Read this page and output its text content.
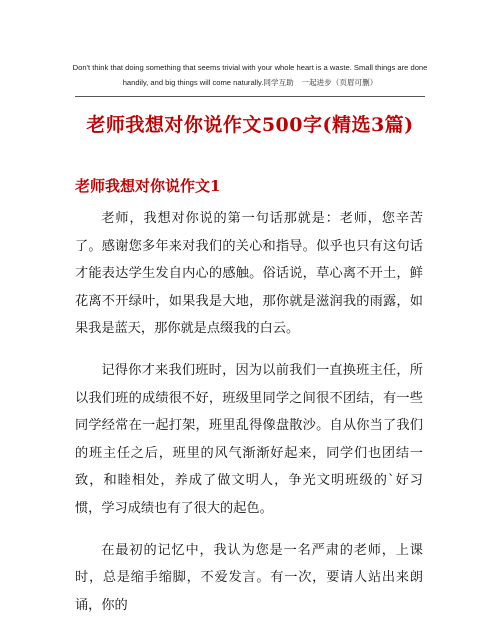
Don't think that doing something that seems trivial with your whole heart is a waste. Small things are done handily, and big things will come naturally.同学互助　一起进步（页眉可删）
老师我想对你说作文500字(精选3篇)
老师我想对你说作文1

老师，我想对你说的第一句话那就是：老师，您辛苦了。感谢您多年来对我们的关心和指导。似乎也只有这句话才能表达学生发自内心的感触。俗话说，草心离不开土，鲜花离不开绿叶，如果我是大地，那你就是滋润我的雨露，如果我是蓝天，那你就是点缀我的白云。

记得你才来我们班时，因为以前我们一直换班主任，所以我们班的成绩很不好，班级里同学之间很不团结，有一些同学经常在一起打架，班里乱得像盘散沙。自从你当了我们的班主任之后，班里的风气渐渐好起来，同学们也团结一致，和睦相处，养成了做文明人，争光文明班级的`好习惯，学习成绩也有了很大的起色。

在最初的记忆中，我认为您是一名严肃的老师，上课时，总是缩手缩脚，不爱发言。有一次，要请人站出来朗诵，你的
